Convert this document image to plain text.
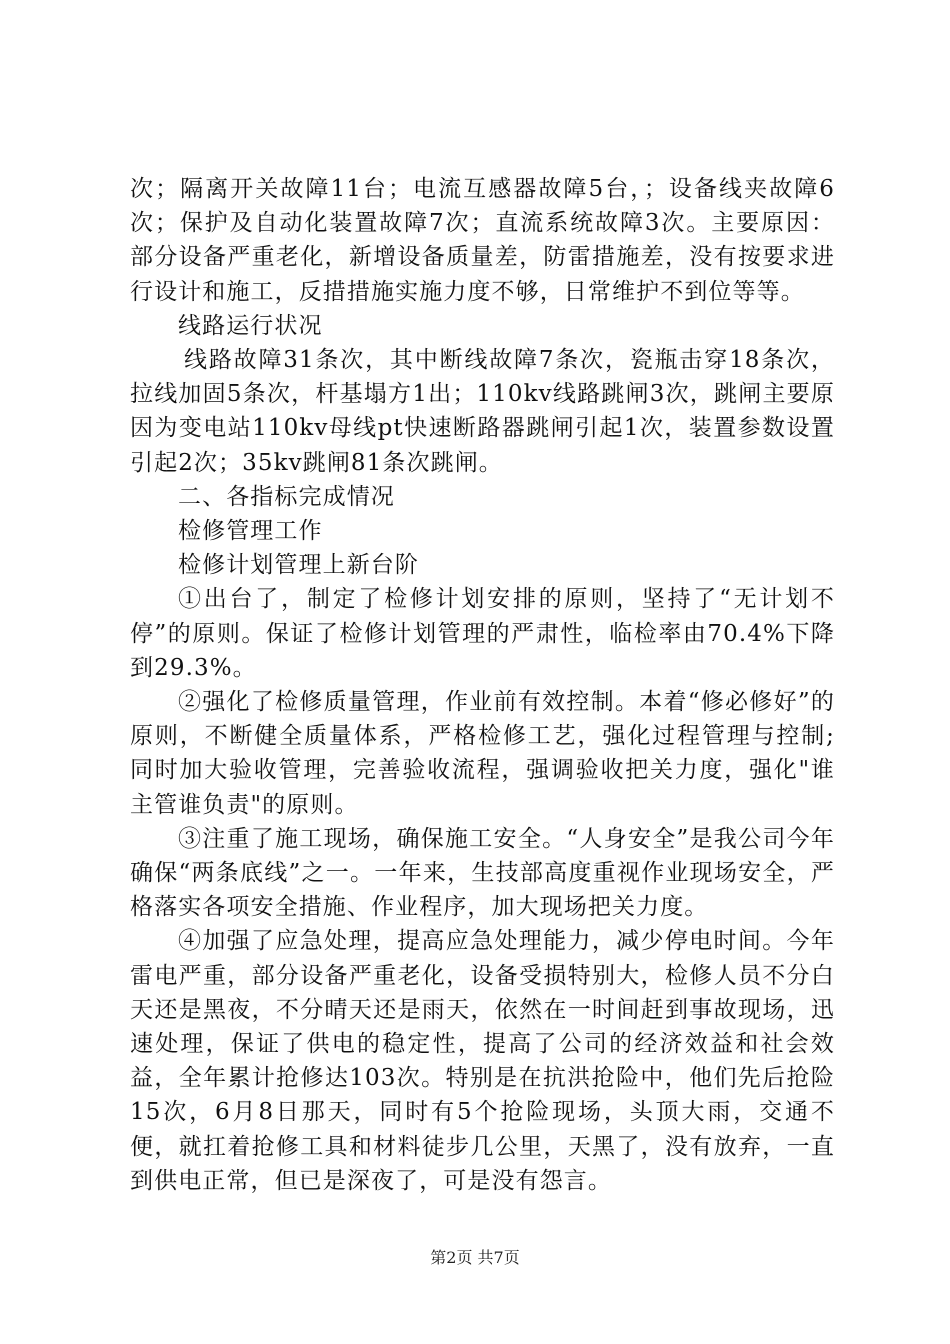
次；隔离开关故障11台；电流互感器故障5台，；设备线夹故障6次；保护及自动化装置故障7次；直流系统故障3次。主要原因：部分设备严重老化，新增设备质量差，防雷措施差，没有按要求进行设计和施工，反措措施实施力度不够，日常维护不到位等等。

线路运行状况

线路故障31条次，其中断线故障7条次，瓷瓶击穿18条次，拉线加固5条次，杆基塌方1出；110kv线路跳闸3次，跳闸主要原因为变电站110kv母线pt快速断路器跳闸引起1次，装置参数设置引起2次；35kv跳闸81条次跳闸。

二、各指标完成情况

检修管理工作

检修计划管理上新台阶

①出台了，制定了检修计划安排的原则，坚持了“无计划不停”的原则。保证了检修计划管理的严肃性，临检率由70.4%下降到29.3%。

②强化了检修质量管理，作业前有效控制。本着“修必修好”的原则，不断健全质量体系，严格检修工艺，强化过程管理与控制;同时加大验收管理，完善验收流程，强调验收把关力度，强化"谁主管谁负责"的原则。

③注重了施工现场，确保施工安全。“人身安全”是我公司今年确保“两条底线”之一。一年来，生技部高度重视作业现场安全，严格落实各项安全措施、作业程序，加大现场把关力度。

④加强了应急处理，提高应急处理能力，减少停电时间。今年雷电严重，部分设备严重老化，设备受损特别大，检修人员不分白天还是黑夜，不分晴天还是雨天，依然在一时间赶到事故现场，迅速处理，保证了供电的稳定性，提高了公司的经济效益和社会效益，全年累计抢修达103次。特别是在抗洪抢险中，他们先后抢险15次，6月8日那天，同时有5个抢险现场，头顶大雨，交通不便，就扛着抢修工具和材料徒步几公里，天黑了，没有放弃，一直到供电正常，但已是深夜了，可是没有怨言。

第2页 共7页
